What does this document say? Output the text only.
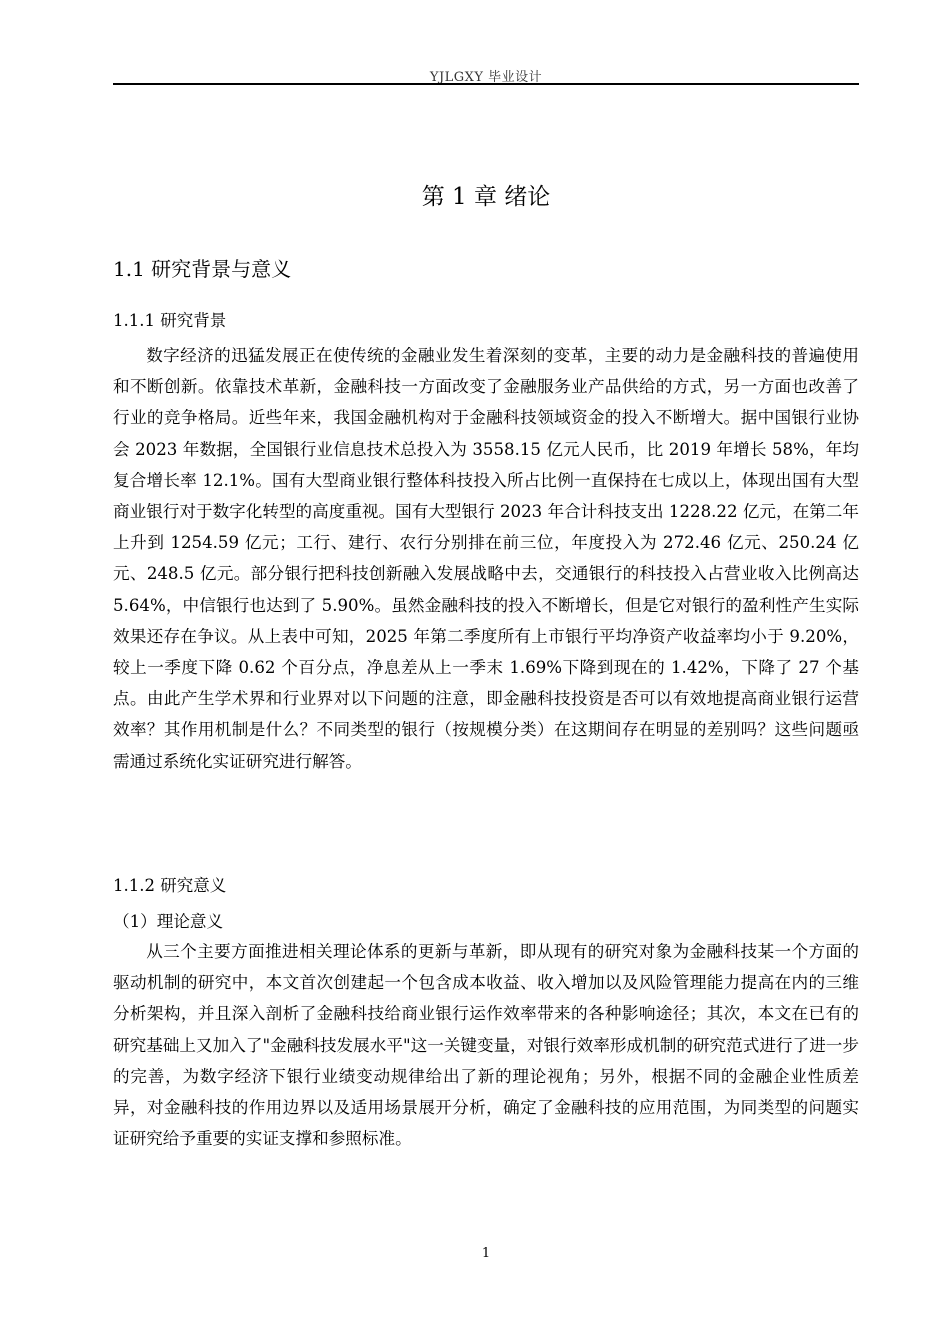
YJLGXY 毕业设计
第 1 章 绪论
1.1 研究背景与意义
1.1.1 研究背景

数字经济的迅猛发展正在使传统的金融业发生着深刻的变革，主要的动力是金融科技的普遍使用和不断创新。依靠技术革新，金融科技一方面改变了金融服务业产品供给的方式，另一方面也改善了行业的竞争格局。近些年来，我国金融机构对于金融科技领域资金的投入不断增大。据中国银行业协会 2023 年数据，全国银行业信息技术总投入为 3558.15 亿元人民币，比 2019 年增长 58%，年均复合增长率 12.1%。国有大型商业银行整体科技投入所占比例一直保持在七成以上，体现出国有大型商业银行对于数字化转型的高度重视。国有大型银行 2023 年合计科技支出 1228.22 亿元，在第二年上升到 1254.59 亿元；工行、建行、农行分别排在前三位，年度投入为 272.46 亿元、250.24 亿元、248.5 亿元。部分银行把科技创新融入发展战略中去，交通银行的科技投入占营业收入比例高达 5.64%，中信银行也达到了 5.90%。虽然金融科技的投入不断增长，但是它对银行的盈利性产生实际效果还存在争议。从上表中可知，2025 年第二季度所有上市银行平均净资产收益率均小于 9.20%，较上一季度下降 0.62 个百分点，净息差从上一季末 1.69%下降到现在的 1.42%，下降了 27 个基点。由此产生学术界和行业界对以下问题的注意，即金融科技投资是否可以有效地提高商业银行运营效率？其作用机制是什么？不同类型的银行（按规模分类）在这期间存在明显的差别吗？这些问题亟需通过系统化实证研究进行解答。

1.1.2 研究意义
（1）理论意义

从三个主要方面推进相关理论体系的更新与革新，即从现有的研究对象为金融科技某一个方面的驱动机制的研究中，本文首次创建起一个包含成本收益、收入增加以及风险管理能力提高在内的三维分析架构，并且深入剖析了金融科技给商业银行运作效率带来的各种影响途径；其次，本文在已有的研究基础上又加入了"金融科技发展水平"这一关键变量，对银行效率形成机制的研究范式进行了进一步的完善，为数字经济下银行业绩变动规律给出了新的理论视角；另外，根据不同的金融企业性质差异，对金融科技的作用边界以及适用场景展开分析，确定了金融科技的应用范围，为同类型的问题实证研究给予重要的实证支撑和参照标准。

1
